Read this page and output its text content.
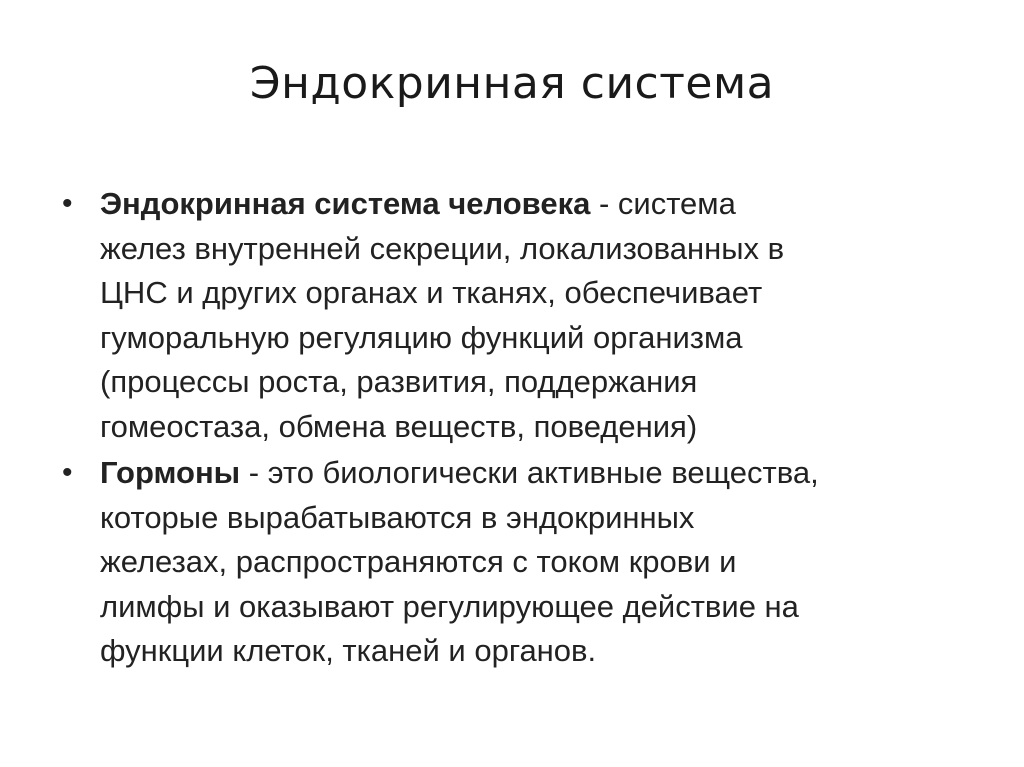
Эндокринная система
• Эндокринная система человека - система
желез внутренней секреции, локализованных в
ЦНС и других органах и тканях, обеспечивает
гуморальную регуляцию функций организма
(процессы роста, развития, поддержания
гомеостаза, обмена веществ, поведения)
• Гормоны - это биологически активные вещества,
которые вырабатываются в эндокринных
железах, распространяются с током крови и
лимфы и оказывают регулирующее действие на
функции клеток, тканей и органов.
